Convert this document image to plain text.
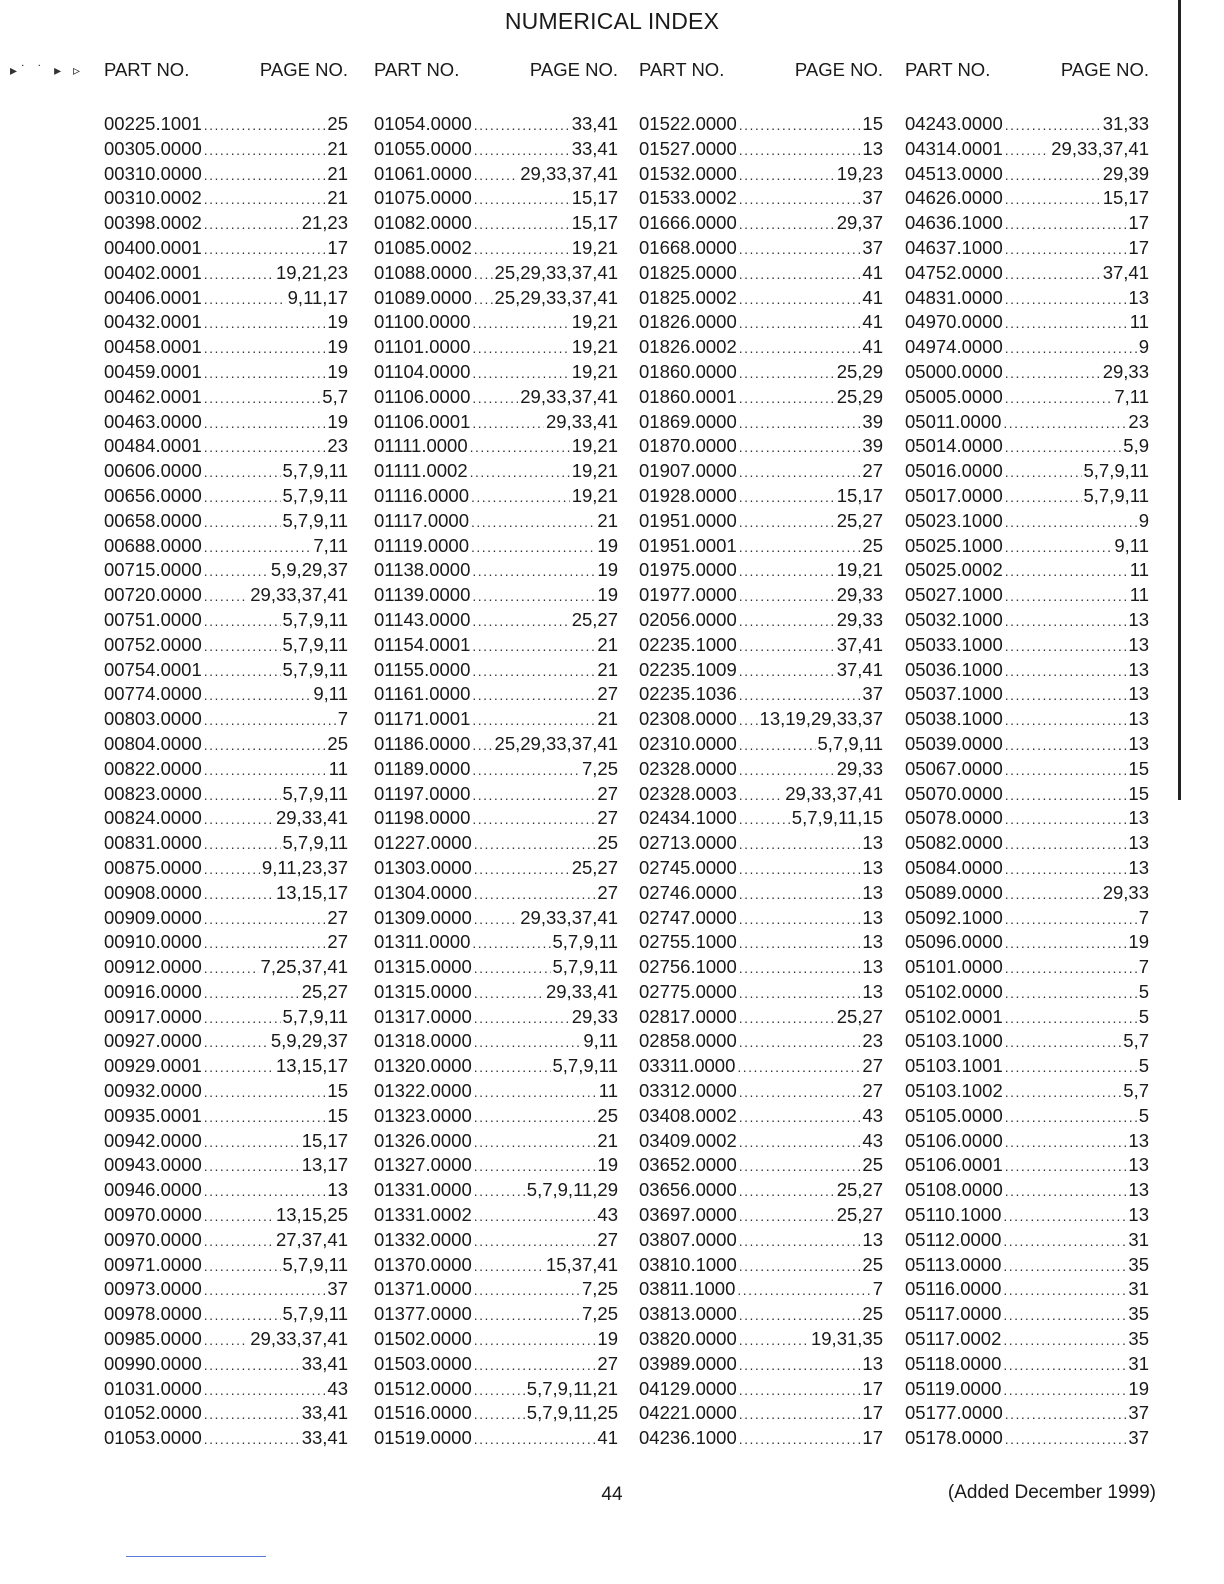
NUMERICAL INDEX
▸˙ ˙ ▸ ▹ PART NO.	PAGE NO.
00225.1001 .....	25
00305.0000 .....	21
00310.0000 .....	21
00310.0002 .....	21
00398.0002 .....	21,23
00400.0001 .....	17
00402.0001 .....	19,21,23
00406.0001 .....	9,11,17
00432.0001 .....	19
00458.0001 .....	19
00459.0001 .....	19
00462.0001 .....	5,7
00463.0000 .....	19
00484.0001 .....	23
00606.0000 .....	5,7,9,11
00656.0000 .....	5,7,9,11
00658.0000 .....	5,7,9,11
00688.0000 .....	7,11
00715.0000 .....	5,9,29,37
00720.0000 .....	29,33,37,41
00751.0000 .....	5,7,9,11
00752.0000 .....	5,7,9,11
00754.0001 .....	5,7,9,11
00774.0000 .....	9,11
00803.0000 .....	7
00804.0000 .....	25
00822.0000 .....	11
00823.0000 .....	5,7,9,11
00824.0000 .....	29,33,41
00831.0000 .....	5,7,9,11
00875.0000 .....	9,11,23,37
00908.0000 .....	13,15,17
00909.0000 .....	27
00910.0000 .....	27
00912.0000 .....	7,25,37,41
00916.0000 .....	25,27
00917.0000 .....	5,7,9,11
00927.0000 .....	5,9,29,37
00929.0001 .....	13,15,17
00932.0000 .....	15
00935.0001 .....	15
00942.0000 .....	15,17
00943.0000 .....	13,17
00946.0000 .....	13
00970.0000 .....	13,15,25
00970.0000 .....	27,37,41
00971.0000 .....	5,7,9,11
00973.0000 .....	37
00978.0000 .....	5,7,9,11
00985.0000 .....	29,33,37,41
00990.0000 .....	33,41
01031.0000 .....	43
01052.0000 .....	33,41
01053.0000 .....	33,41
PART NO.	PAGE NO.
01054.0000 .....	33,41
01055.0000 .....	33,41
01061.0000 .....	29,33,37,41
01075.0000 .....	15,17
01082.0000 .....	15,17
01085.0002 .....	19,21
01088.0000 ..... 25,29,33,37,41
01089.0000 ..... 25,29,33,37,41
01100.0000 .....	19,21
01101.0000 .....	19,21
01104.0000 .....	19,21
01106.0000 .....	29,33,37,41
01106.0001 .....	29,33,41
01111.0000 .....	19,21
01111.0002 .....	19,21
01116.0000 .....	19,21
01117.0000 .....	21
01119.0000 .....	19
01138.0000 .....	19
01139.0000 .....	19
01143.0000 .....	25,27
01154.0001 .....	21
01155.0000 .....	21
01161.0000 .....	27
01171.0001 .....	21
01186.0000 ..... 25,29,33,37,41
01189.0000 .....	7,25
01197.0000 .....	27
01198.0000 .....	27
01227.0000 .....	25
01303.0000 .....	25,27
01304.0000 .....	27
01309.0000 .....	29,33,37,41
01311.0000 .....	5,7,9,11
01315.0000 .....	5,7,9,11
01315.0000 .....	29,33,41
01317.0000 .....	29,33
01318.0000 .....	9,11
01320.0000 .....	5,7,9,11
01322.0000 .....	11
01323.0000 .....	25
01326.0000 .....	21
01327.0000 .....	19
01331.0000 .....	5,7,9,11,29
01331.0002 .....	43
01332.0000 .....	27
01370.0000 .....	15,37,41
01371.0000 .....	7,25
01377.0000 .....	7,25
01502.0000 .....	19
01503.0000 .....	27
01512.0000 .....	5,7,9,11,21
01516.0000 .....	5,7,9,11,25
01519.0000 .....	41
PART NO.	PAGE NO.
01522.0000 .....	15
01527.0000 .....	13
01532.0000 .....	19,23
01533.0002 .....	37
01666.0000 .....	29,37
01668.0000 .....	37
01825.0000 .....	41
01825.0002 .....	41
01826.0000 .....	41
01826.0002 .....	41
01860.0000 .....	25,29
01860.0001 .....	25,29
01869.0000 .....	39
01870.0000 .....	39
01907.0000 .....	27
01928.0000 .....	15,17
01951.0000 .....	25,27
01951.0001 .....	25
01975.0000 .....	19,21
01977.0000 .....	29,33
02056.0000 .....	29,33
02235.1000 .....	37,41
02235.1009 .....	37,41
02235.1036 .....	37
02308.0000 ..... 13,19,29,33,37
02310.0000 .....	5,7,9,11
02328.0000 .....	29,33
02328.0003 .....	29,33,37,41
02434.1000 .....	5,7,9,11,15
02713.0000 .....	13
02745.0000 .....	13
02746.0000 .....	13
02747.0000 .....	13
02755.1000 .....	13
02756.1000 .....	13
02775.0000 .....	13
02817.0000 .....	25,27
02858.0000 .....	23
03311.0000 .....	27
03312.0000 .....	27
03408.0002 .....	43
03409.0002 .....	43
03652.0000 .....	25
03656.0000 .....	25,27
03697.0000 .....	25,27
03807.0000 .....	13
03810.1000 .....	25
03811.1000 .....	7
03813.0000 .....	25
03820.0000 .....	19,31,35
03989.0000 .....	13
04129.0000 .....	17
04221.0000 .....	17
04236.1000 .....	17
PART NO.	PAGE NO.
04243.0000 .....	31,33
04314.0001 .....	29,33,37,41
04513.0000 .....	29,39
04626.0000 .....	15,17
04636.1000 .....	17
04637.1000 .....	17
04752.0000 .....	37,41
04831.0000 .....	13
04970.0000 .....	11
04974.0000 .....	9
05000.0000 .....	29,33
05005.0000 .....	7,11
05011.0000 .....	23
05014.0000 .....	5,9
05016.0000 .....	5,7,9,11
05017.0000 .....	5,7,9,11
05023.1000 .....	9
05025.1000 .....	9,11
05025.0002 .....	11
05027.1000 .....	11
05032.1000 .....	13
05033.1000 .....	13
05036.1000 .....	13
05037.1000 .....	13
05038.1000 .....	13
05039.0000 .....	13
05067.0000 .....	15
05070.0000 .....	15
05078.0000 .....	13
05082.0000 .....	13
05084.0000 .....	13
05089.0000 .....	29,33
05092.1000 .....	7
05096.0000 .....	19
05101.0000 .....	7
05102.0000 .....	5
05102.0001 .....	5
05103.1000 .....	5,7
05103.1001 .....	5
05103.1002 .....	5,7
05105.0000 .....	5
05106.0000 .....	13
05106.0001 .....	13
05108.0000 .....	13
05110.1000 .....	13
05112.0000 .....	31
05113.0000 .....	35
05116.0000 .....	31
05117.0000 .....	35
05117.0002 .....	35
05118.0000 .....	31
05119.0000 .....	19
05177.0000 .....	37
05178.0000 .....	37
44	(Added December 1999)
